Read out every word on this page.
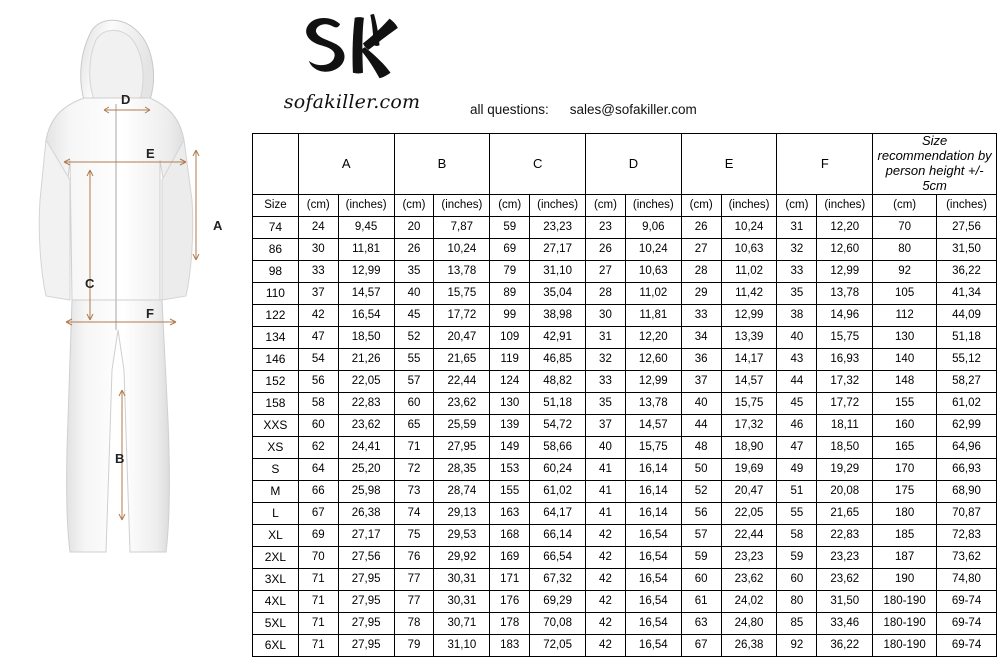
D
E
A
C
F
B
sofakiller.com	all questions: sales@sofakiller.com
	A		B		C		D		E		F		Size recommendation by person height +/- 5cm	
Size	(cm)	(inches)	(cm)	(inches)	(cm)	(inches)	(cm)	(inches)	(cm)	(inches)	(cm)	(inches)	(cm)	(inches)
74	24	9,45	20	7,87	59	23,23	23	9,06	26	10,24	31	12,20	70	27,56
86	30	11,81	26	10,24	69	27,17	26	10,24	27	10,63	32	12,60	80	31,50
98	33	12,99	35	13,78	79	31,10	27	10,63	28	11,02	33	12,99	92	36,22
110	37	14,57	40	15,75	89	35,04	28	11,02	29	11,42	35	13,78	105	41,34
122	42	16,54	45	17,72	99	38,98	30	11,81	33	12,99	38	14,96	112	44,09
134	47	18,50	52	20,47	109	42,91	31	12,20	34	13,39	40	15,75	130	51,18
146	54	21,26	55	21,65	119	46,85	32	12,60	36	14,17	43	16,93	140	55,12
152	56	22,05	57	22,44	124	48,82	33	12,99	37	14,57	44	17,32	148	58,27
158	58	22,83	60	23,62	130	51,18	35	13,78	40	15,75	45	17,72	155	61,02
XXS	60	23,62	65	25,59	139	54,72	37	14,57	44	17,32	46	18,11	160	62,99
XS	62	24,41	71	27,95	149	58,66	40	15,75	48	18,90	47	18,50	165	64,96
S	64	25,20	72	28,35	153	60,24	41	16,14	50	19,69	49	19,29	170	66,93
M	66	25,98	73	28,74	155	61,02	41	16,14	52	20,47	51	20,08	175	68,90
L	67	26,38	74	29,13	163	64,17	41	16,14	56	22,05	55	21,65	180	70,87
XL	69	27,17	75	29,53	168	66,14	42	16,54	57	22,44	58	22,83	185	72,83
2XL	70	27,56	76	29,92	169	66,54	42	16,54	59	23,23	59	23,23	187	73,62
3XL	71	27,95	77	30,31	171	67,32	42	16,54	60	23,62	60	23,62	190	74,80
4XL	71	27,95	77	30,31	176	69,29	42	16,54	61	24,02	80	31,50	180-190	69-74
5XL	71	27,95	78	30,71	178	70,08	42	16,54	63	24,80	85	33,46	180-190	69-74
6XL	71	27,95	79	31,10	183	72,05	42	16,54	67	26,38	92	36,22	180-190	69-74
